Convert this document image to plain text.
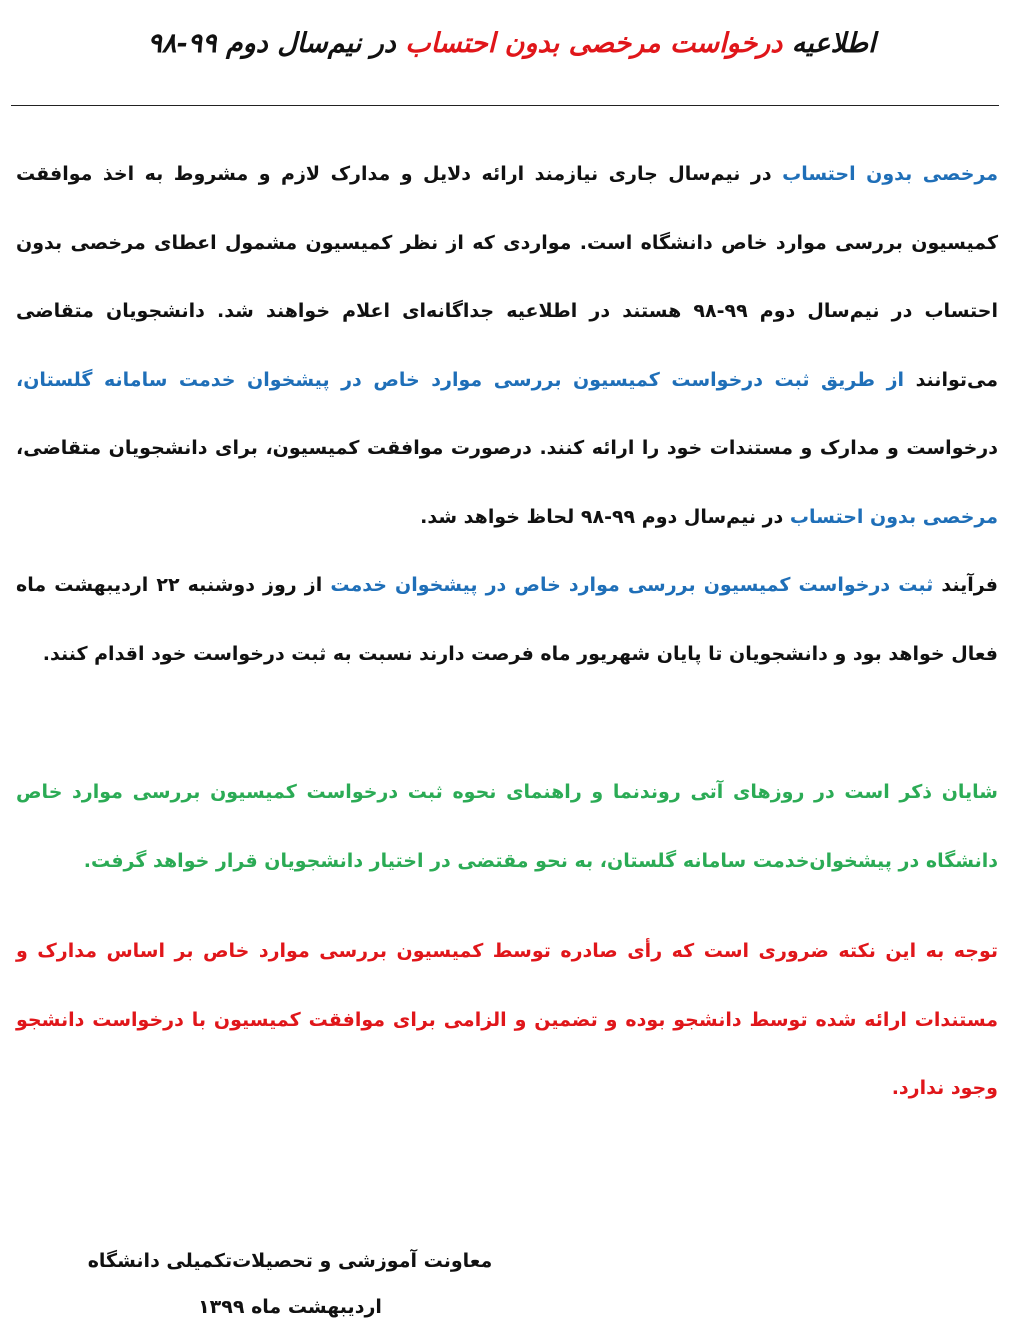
اطلاعیه درخواست مرخصی بدون احتساب در نیم‌سال دوم ۹۹-۹۸
مرخصی بدون احتساب در نیم‌سال جاری نیازمند ارائه دلایل و مدارک لازم و مشروط به اخذ موافقت کمیسیون بررسی موارد خاص دانشگاه است. مواردی که از نظر کمیسیون مشمول اعطای مرخصی بدون احتساب در نیم‌سال دوم ۹۹-۹۸ هستند در اطلاعیه جداگانه‌ای اعلام خواهند شد. دانشجویان متقاضی می‌توانند از طریق ثبت درخواست کمیسیون بررسی موارد خاص در پیشخوان خدمت سامانه گلستان، درخواست و مدارک و مستندات خود را ارائه کنند. درصورت موافقت کمیسیون، برای دانشجویان متقاضی، مرخصی بدون احتساب در نیم‌سال دوم ۹۹-۹۸ لحاظ خواهد شد.
فرآیند ثبت درخواست کمیسیون بررسی موارد خاص در پیشخوان خدمت از روز دوشنبه ۲۲ اردیبهشت ماه فعال خواهد بود و دانشجویان تا پایان شهریور ماه فرصت دارند نسبت به ثبت درخواست خود اقدام کنند.
شایان ذکر است در روزهای آتی روندنما و راهنمای نحوه ثبت درخواست کمیسیون بررسی موارد خاص دانشگاه در پیشخوان‌خدمت سامانه گلستان، به نحو مقتضی در اختیار دانشجویان قرار خواهد گرفت.
توجه به این نکته ضروری است که رأی صادره توسط کمیسیون بررسی موارد خاص بر اساس مدارک و مستندات ارائه شده توسط دانشجو بوده و تضمین و الزامی برای موافقت کمیسیون با درخواست دانشجو وجود ندارد.
معاونت آموزشی و تحصیلات‌تکمیلی دانشگاه
اردیبهشت ماه ۱۳۹۹
